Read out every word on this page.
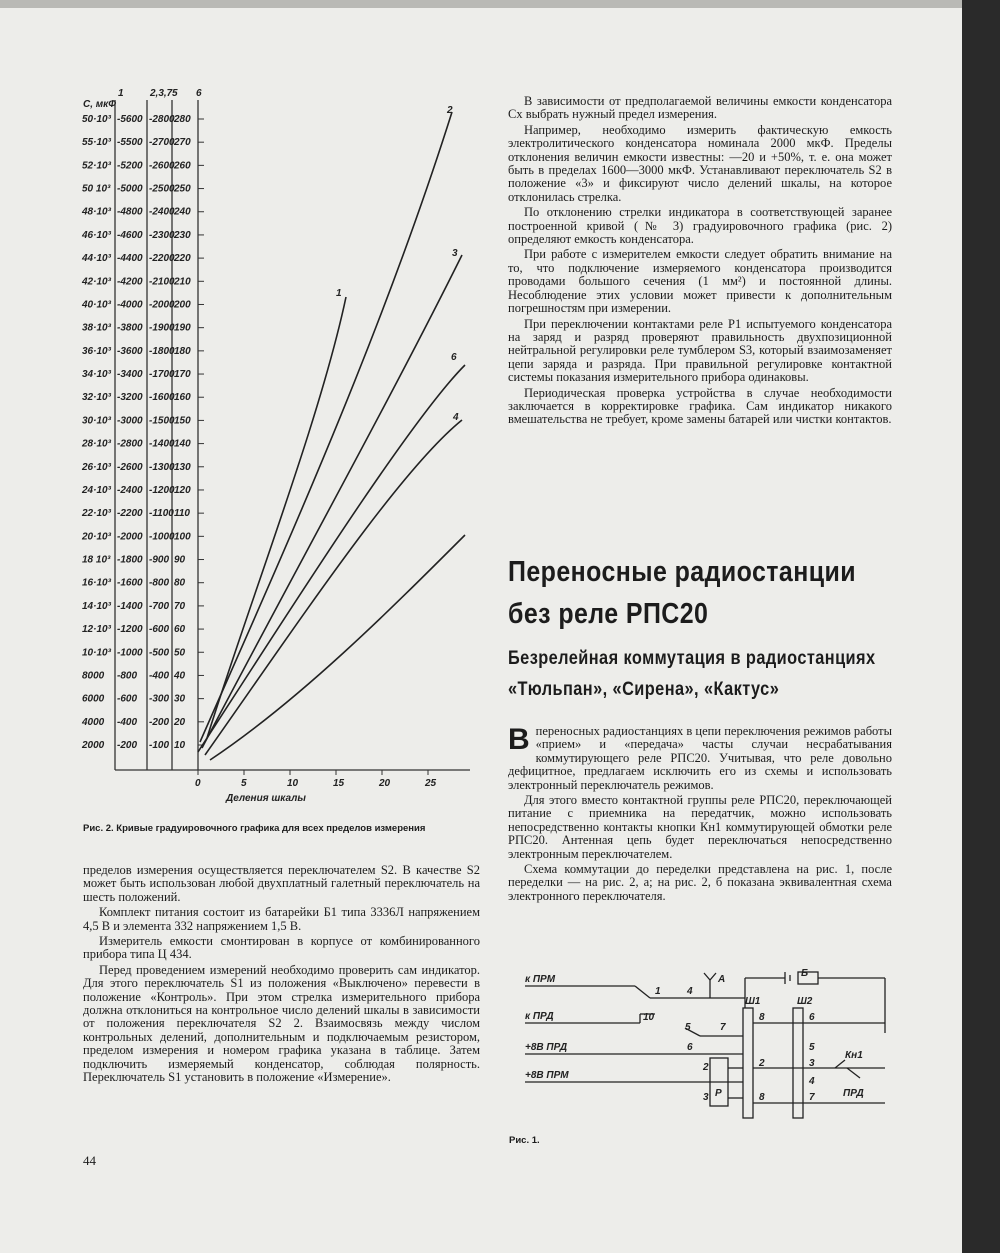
1	2,3,7 5 6
С, мкФ
50·10³
55·10³
52·10³
50 10³
48·10³
46·10³
44·10³
42·10³
40·10³
38·10³
36·10³
34·10³
32·10³
30·10³
28·10³
26·10³
24·10³
22·10³
20·10³
18 10³
16·10³
14·10³
12·10³
10·10³
8000
6000
4000
2000
-5600
-5500
-5200
-5000
-4800
-4600
-4400
-4200
-4000
-3800
-3600
-3400
-3200
-3000
-2800
-2600
-2400
-2200
-2000
-1800
-1600
-1400
-1200
-1000
-800
-600
-400
-200
-2800
-2700
-2600
-2500
-2400
-2300
-2200
-2100
-2000
-1900
-1800
-1700
-1600
-1500
-1400
-1300
-1200
-1100
-1000
-900
-800
-700
-600
-500
-400
-300
-200
-100
280
270
260
250
240
230
220
210
200
190
180
170
160
150
140
130
120
110
100
90
80
70
60
50
40
30
20
10
1
2
3
4
6
0	5	10	15	20	25
Деления шкалы
Рис. 2. Кривые градуировочного графика для всех пределов измерения

В зависимости от предполагаемой величины емкости конденсатора Сx выбрать нужный предел измерения.

Например, необходимо измерить фактическую емкость электролитического конденсатора номинала 2000 мкФ. Пределы отклонения величин емкости известны: —20 и +50%, т. е. она может быть в пределах 1600—3000 мкФ. Устанавливают переключатель S2 в положение «3» и фиксируют число делений шкалы, на которое отклонилась стрелка.

По отклонению стрелки индикатора в соответствующей заранее построенной кривой (№ 3) градуировочного графика (рис. 2) определяют емкость конденсатора.

При работе с измерителем емкости следует обратить внимание на то, что подключение измеряемого конденсатора производится проводами большого сечения (1 мм²) и постоянной длины. Несоблюдение этих условии может привести к дополнительным погрешностям при измерении.

При переключении контактами реле Р1 испытуемого конденсатора на заряд и разряд проверяют правильность двухпозиционной нейтральной регулировки реле тумблером S3, который взаимозаменяет цепи заряда и разряда. При правильной регулировке контактной системы показания измерительного прибора одинаковы.

Периодическая проверка устройства в случае необходимости заключается в корректировке графика. Сам индикатор никакого вмешательства не требует, кроме замены батарей или чистки контактов.

Переносные радиостанции
без реле РПС20
Безрелейная коммутация в радиостанциях
«Тюльпан», «Сирена», «Кактус»

В переносных радиостанциях в цепи переключения режимов работы «прием» и «передача» часты случаи несрабатывания коммутирующего реле РПС20. Учитывая, что реле довольно дефицитное, предлагаем исключить его из схемы и использовать электронный переключатель режимов.

Для этого вместо контактной группы реле РПС20, переключающей питание с приемника на передатчик, можно использовать непосредственно контакты кнопки Кн1 коммутирующей обмотки реле РПС20. Антенная цепь будет переключаться непосредственно электронным переключателем.

Схема коммутации до переделки представлена на рис. 1, после переделки — на рис. 2, а; на рис. 2, б показана эквивалентная схема электронного переключателя.

к ПРМ
к ПРД
+8В ПРД
+8В ПРМ
А
Б
Ш1	Ш2
Кн1
ПРД
Р
1	4
10
5
6
7
2
3
8
2
8
6
5
3
4
7
Рис. 1.

пределов измерения осуществляется переключателем S2. В качестве S2 может быть использован любой двухплатный галетный переключатель на шесть положений.

Комплект питания состоит из батарейки Б1 типа 3336Л напряжением 4,5 В и элемента 332 напряжением 1,5 В.

Измеритель емкости смонтирован в корпусе от комбинированного прибора типа Ц 434.

Перед проведением измерений необходимо проверить сам индикатор. Для этого переключатель S1 из положения «Выключено» перевести в положение «Контроль». При этом стрелка измерительного прибора должна отклониться на контрольное число делений шкалы в зависимости от положения переключателя S2 2. Взаимосвязь между числом контрольных делений, дополнительным и подключаемым резистором, пределом измерения и номером графика указана в таблице. Затем подключить измеряемый конденсатор, соблюдая полярность. Переключатель S1 установить в положение «Измерение».

44
